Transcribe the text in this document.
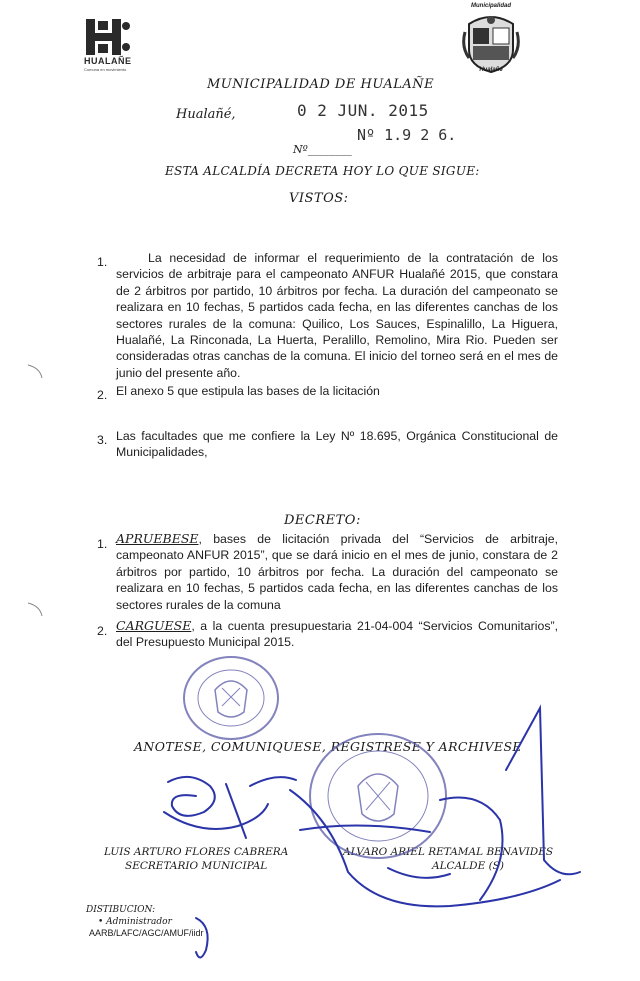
HUALAÑE
Comuna en movimiento
Municipalidad
Hualañé
MUNICIPALIDAD DE HUALAÑE
Hualañé,	0 2 JUN. 2015
Nº________
Nº 1.9 2 6.
ESTA ALCALDÍA DECRETA HOY LO QUE SIGUE:
VISTOS:
1.	La necesidad de informar el requerimiento de la contratación de los servicios de arbitraje para el campeonato ANFUR Hualañé 2015, que constara de 2 árbitros por partido, 10 árbitros por fecha. La duración del campeonato se realizara en 10 fechas, 5 partidos cada fecha, en las diferentes canchas de los sectores rurales de la comuna: Quilico, Los Sauces, Espinalillo, La Higuera, Hualañé, La Rinconada, La Huerta, Peralillo, Remolino, Mira Rio. Pueden ser consideradas otras canchas de la comuna. El inicio del torneo será en el mes de junio del presente año.
2. El anexo 5 que estipula las bases de la licitación
3. Las facultades que me confiere la Ley Nº 18.695, Orgánica Constitucional de Municipalidades,
DECRETO:
1. APRUEBESE, bases de licitación privada del “Servicios de arbitraje, campeonato ANFUR 2015”, que se dará inicio en el mes de junio, constara de 2 árbitros por partido, 10 árbitros por fecha. La duración del campeonato se realizara en 10 fechas, 5 partidos cada fecha, en las diferentes canchas de los sectores rurales de la comuna
2. CARGUESE, a la cuenta presupuestaria 21-04-004 “Servicios Comunitarios”, del Presupuesto Municipal 2015.
ANOTESE, COMUNIQUESE, REGISTRESE Y ARCHIVESE
LUIS ARTURO FLORES CABRERA
SECRETARIO MUNICIPAL
ALVARO ARIEL RETAMAL BENAVIDES
ALCALDE (S)
DISTIBUCION:
• Administrador
AARB/LAFC/AGC/AMUF/iidr
